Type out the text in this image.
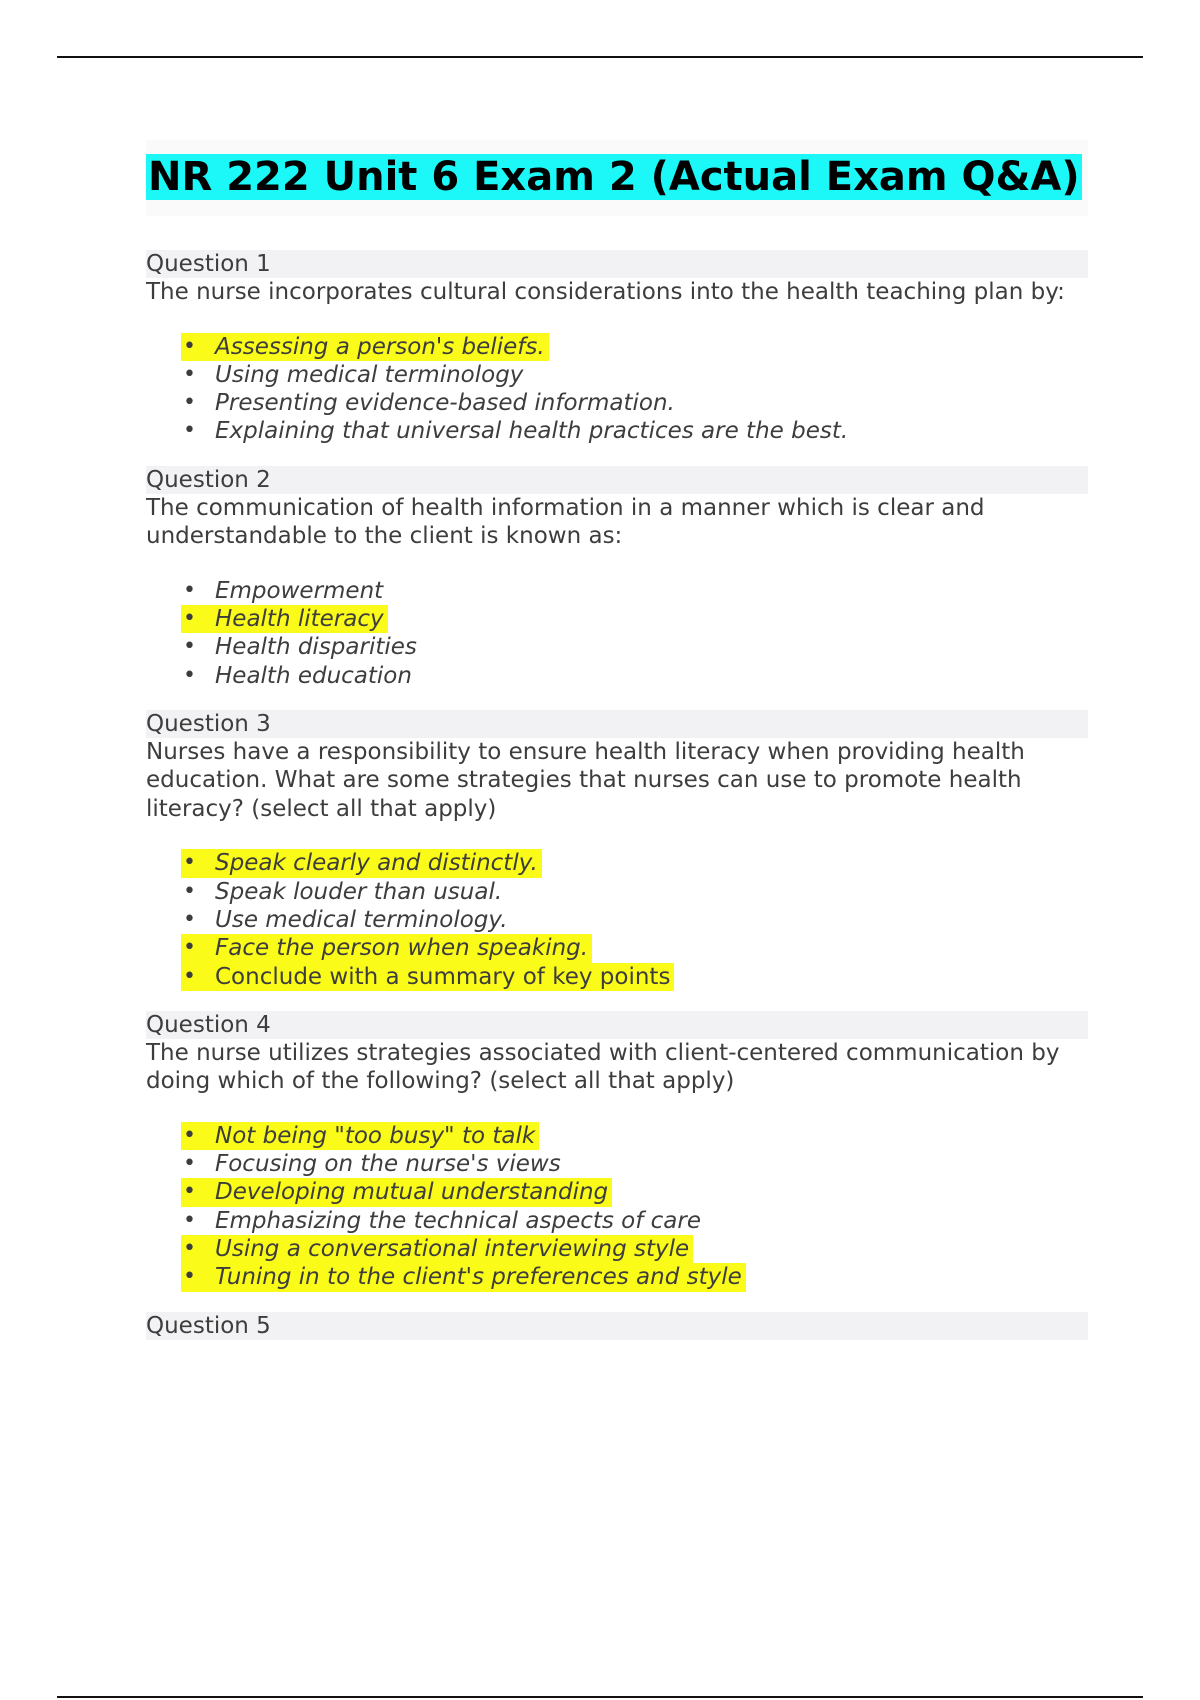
NR 222 Unit 6 Exam 2 (Actual Exam Q&A)
Question 1

The nurse incorporates cultural considerations into the health teaching plan by:

• Assessing a person's beliefs.
• Using medical terminology
• Presenting evidence-based information.
• Explaining that universal health practices are the best.
Question 2

The communication of health information in a manner which is clear and understandable to the client is known as:

• Empowerment
• Health literacy
• Health disparities
• Health education
Question 3

Nurses have a responsibility to ensure health literacy when providing health education. What are some strategies that nurses can use to promote health literacy? (select all that apply)

• Speak clearly and distinctly.
• Speak louder than usual.
• Use medical terminology.
• Face the person when speaking.
• Conclude with a summary of key points
Question 4

The nurse utilizes strategies associated with client-centered communication by doing which of the following? (select all that apply)

• Not being "too busy" to talk
• Focusing on the nurse's views
• Developing mutual understanding
• Emphasizing the technical aspects of care
• Using a conversational interviewing style
• Tuning in to the client's preferences and style
Question 5
